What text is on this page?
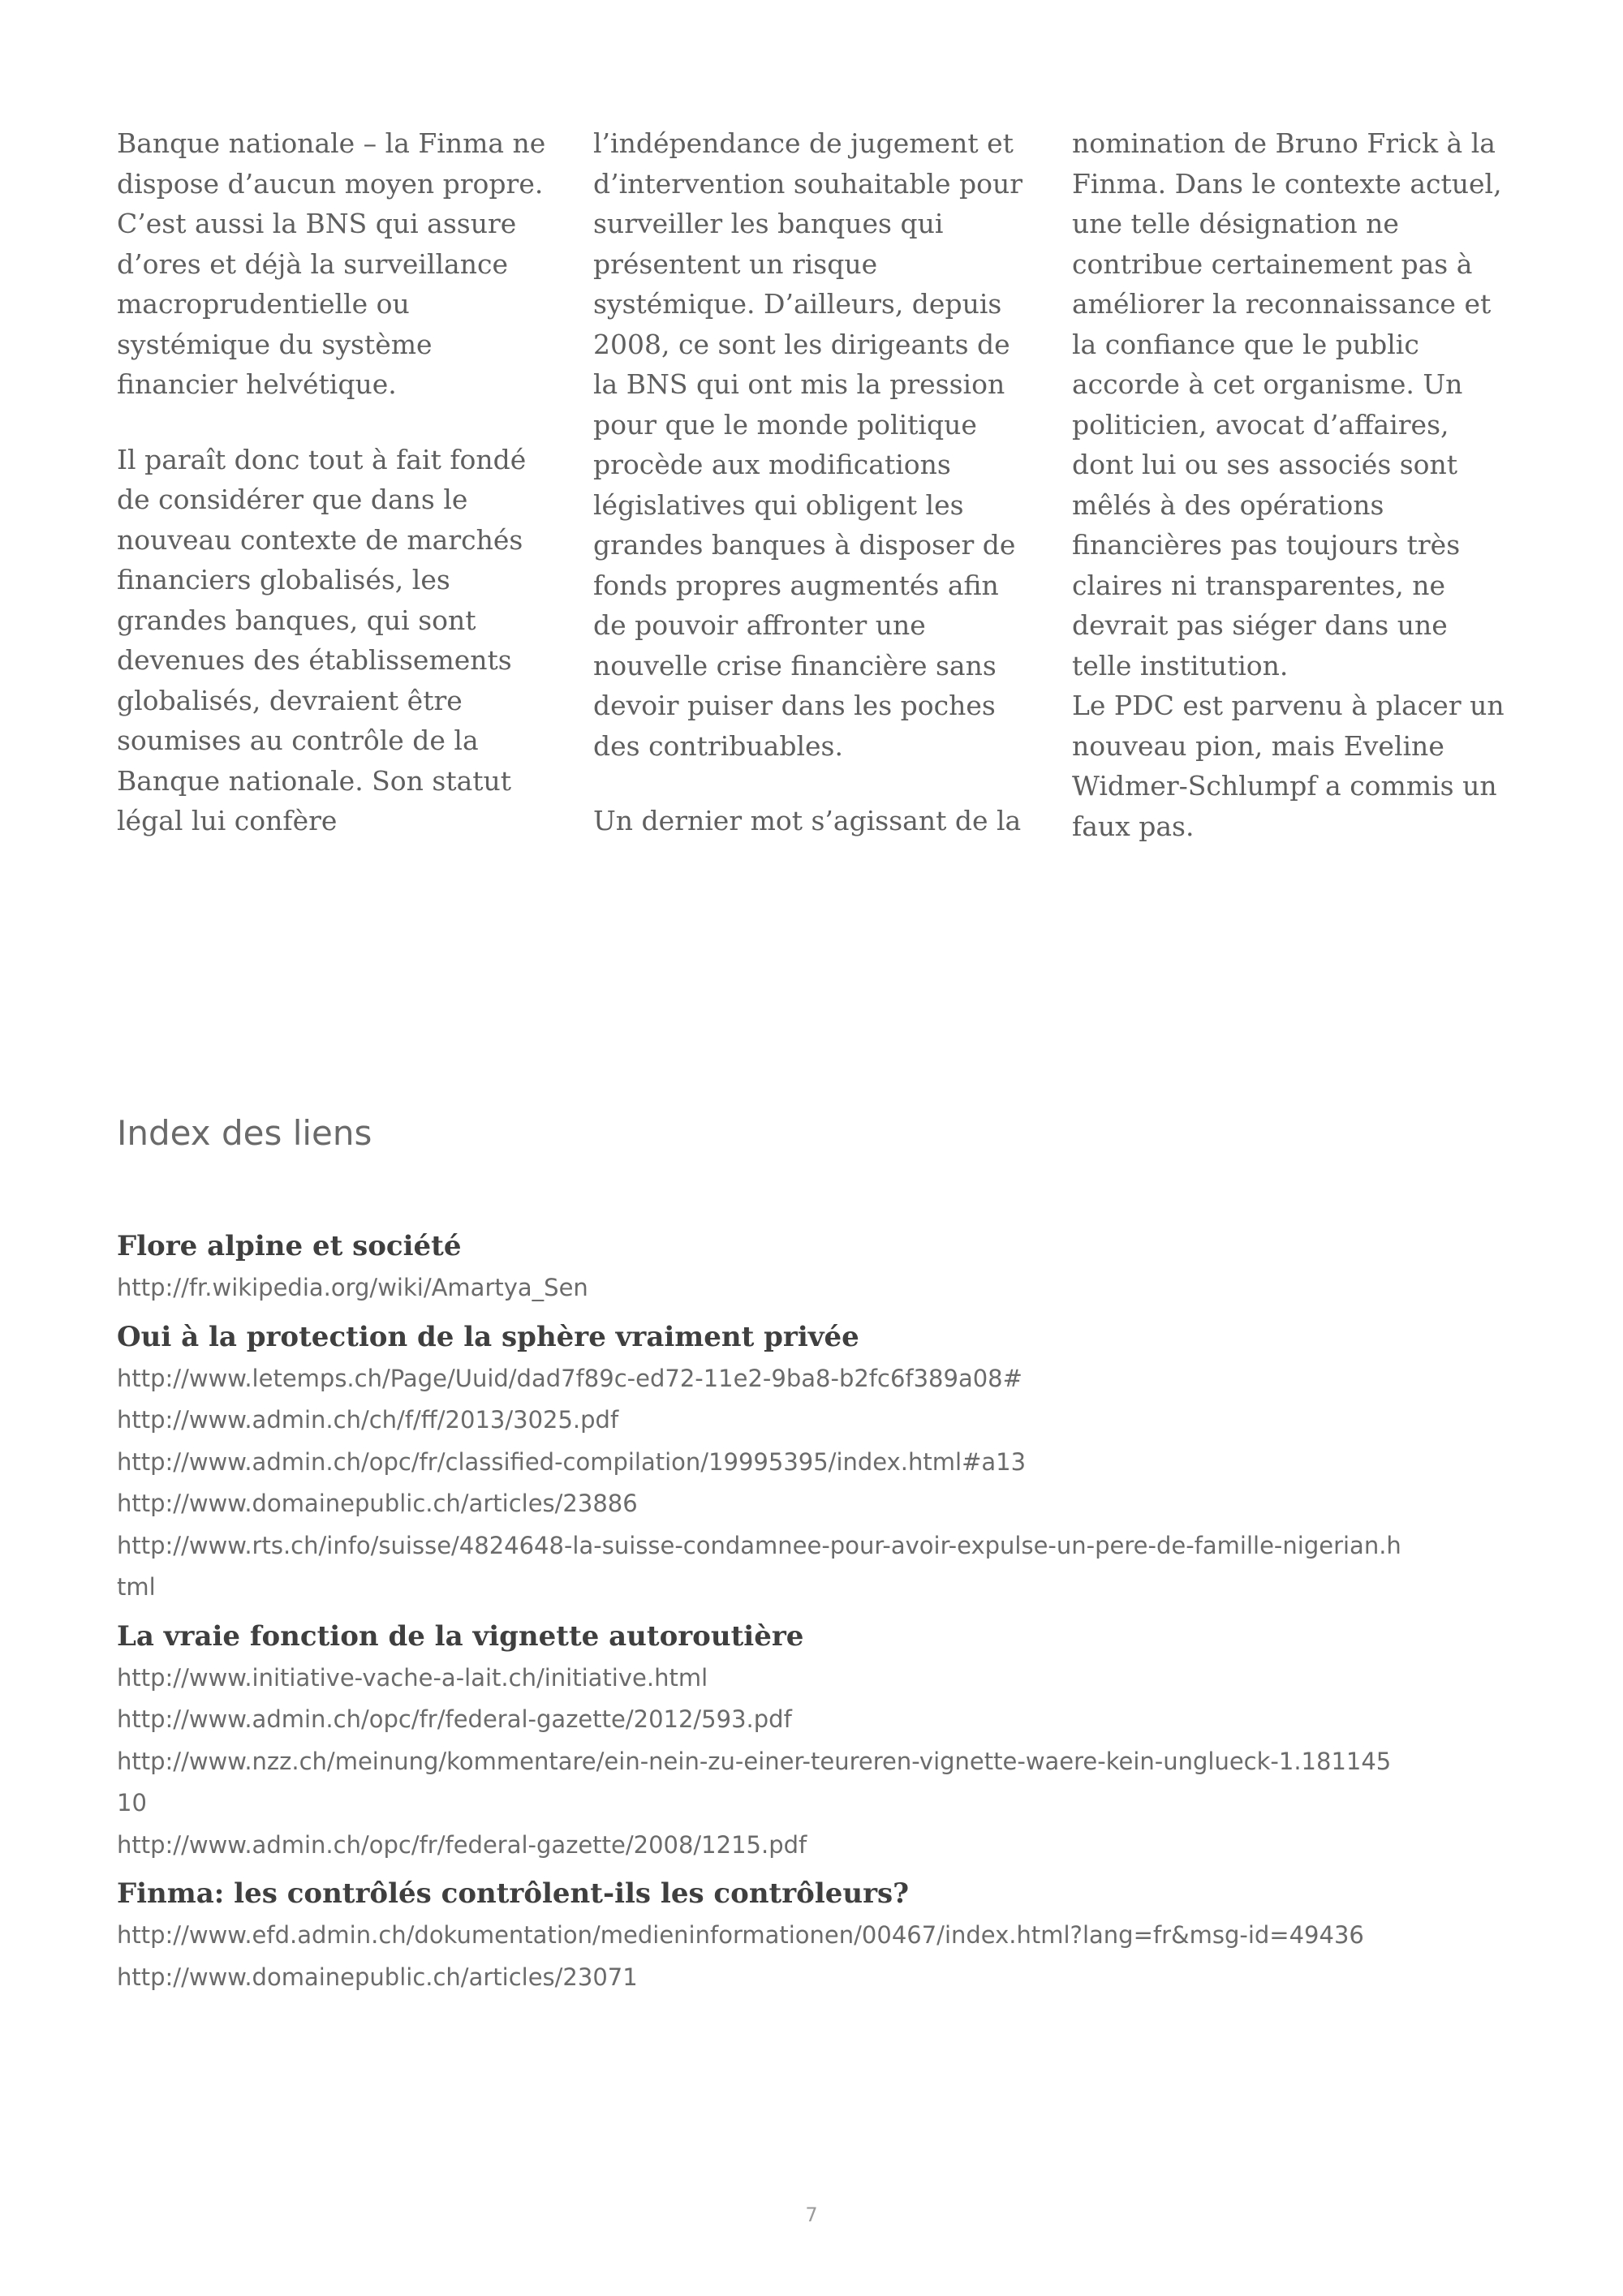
Banque nationale – la Finma ne
dispose d’aucun moyen propre.
C’est aussi la BNS qui assure
d’ores et déjà la surveillance
macroprudentielle ou
systémique du système
financier helvétique.
Il paraît donc tout à fait fondé
de considérer que dans le
nouveau contexte de marchés
financiers globalisés, les
grandes banques, qui sont
devenues des établissements
globalisés, devraient être
soumises au contrôle de la
Banque nationale. Son statut
légal lui confère
l’indépendance de jugement et
d’intervention souhaitable pour
surveiller les banques qui
présentent un risque
systémique. D’ailleurs, depuis
2008, ce sont les dirigeants de
la BNS qui ont mis la pression
pour que le monde politique
procède aux modifications
législatives qui obligent les
grandes banques à disposer de
fonds propres augmentés afin
de pouvoir affronter une
nouvelle crise financière sans
devoir puiser dans les poches
des contribuables.
Un dernier mot s’agissant de la
nomination de Bruno Frick à la
Finma. Dans le contexte actuel,
une telle désignation ne
contribue certainement pas à
améliorer la reconnaissance et
la confiance que le public
accorde à cet organisme. Un
politicien, avocat d’affaires,
dont lui ou ses associés sont
mêlés à des opérations
financières pas toujours très
claires ni transparentes, ne
devrait pas siéger dans une
telle institution.
Le PDC est parvenu à placer un
nouveau pion, mais Eveline
Widmer-Schlumpf a commis un
faux pas.
Index des liens
Flore alpine et société
http://fr.wikipedia.org/wiki/Amartya_Sen
Oui à la protection de la sphère vraiment privée
http://www.letemps.ch/Page/Uuid/dad7f89c-ed72-11e2-9ba8-b2fc6f389a08#
http://www.admin.ch/ch/f/ff/2013/3025.pdf
http://www.admin.ch/opc/fr/classified-compilation/19995395/index.html#a13
http://www.domainepublic.ch/articles/23886
http://www.rts.ch/info/suisse/4824648-la-suisse-condamnee-pour-avoir-expulse-un-pere-de-famille-nigerian.h
tml
La vraie fonction de la vignette autoroutière
http://www.initiative-vache-a-lait.ch/initiative.html
http://www.admin.ch/opc/fr/federal-gazette/2012/593.pdf
http://www.nzz.ch/meinung/kommentare/ein-nein-zu-einer-teureren-vignette-waere-kein-unglueck-1.181145
10
http://www.admin.ch/opc/fr/federal-gazette/2008/1215.pdf
Finma: les contrôlés contrôlent-ils les contrôleurs?
http://www.efd.admin.ch/dokumentation/medieninformationen/00467/index.html?lang=fr&msg-id=49436
http://www.domainepublic.ch/articles/23071
7
